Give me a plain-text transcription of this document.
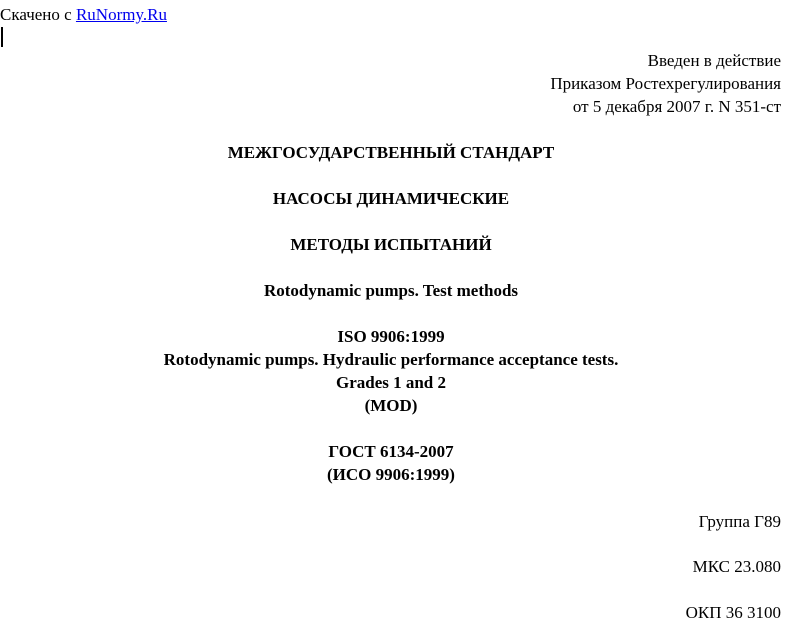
Скачено с RuNormy.Ru
Введен в действие
Приказом Ростехрегулирования
от 5 декабря 2007 г. N 351-ст
МЕЖГОСУДАРСТВЕННЫЙ СТАНДАРТ
НАСОСЫ ДИНАМИЧЕСКИЕ
МЕТОДЫ ИСПЫТАНИЙ
Rotodynamic pumps. Test methods
ISO 9906:1999
Rotodynamic pumps. Hydraulic performance acceptance tests.
Grades 1 and 2
(MOD)
ГОСТ 6134-2007
(ИСО 9906:1999)
Группа Г89
МКС 23.080
ОКП 36 3100
